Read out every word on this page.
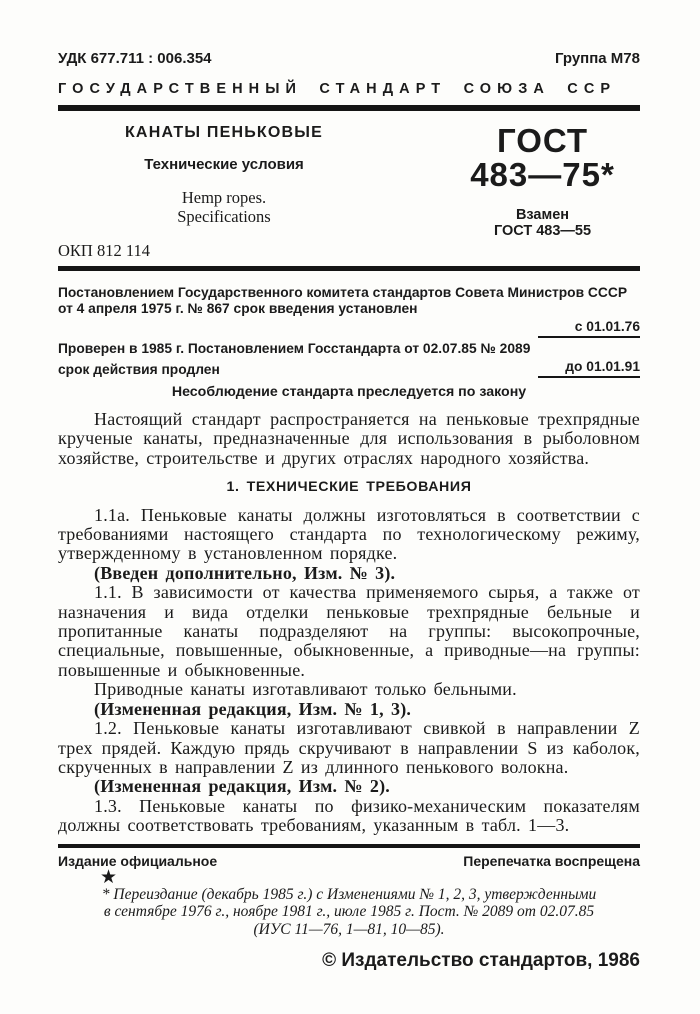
УДК 677.711 : 006.354	Группа М78
ГОСУДАРСТВЕННЫЙ СТАНДАРТ СОЮЗА ССР
КАНАТЫ ПЕНЬКОВЫЕ
Технические условия
Hemp ropes.
Specifications
ГОСТ
483—75*
Взамен
ГОСТ 483—55
ОКП 812 114
Постановлением Государственного комитета стандартов Совета Министров СССР
от 4 апреля 1975 г. № 867 срок введения установлен
с 01.01.76
Проверен в 1985 г. Постановлением Госстандарта от 02.07.85 № 2089
срок действия продлен	до 01.01.91
Несоблюдение стандарта преследуется по закону

Настоящий стандарт распространяется на пеньковые трехпрядные крученые канаты, предназначенные для использования в рыболовном хозяйстве, строительстве и других отраслях народного хозяйства.

1. ТЕХНИЧЕСКИЕ ТРЕБОВАНИЯ

1.1а. Пеньковые канаты должны изготовляться в соответствии с требованиями настоящего стандарта по технологическому режиму, утвержденному в установленном порядке.

(Введен дополнительно, Изм. № 3).

1.1. В зависимости от качества применяемого сырья, а также от назначения и вида отделки пеньковые трехпрядные бельные и пропитанные канаты подразделяют на группы: высокопрочные, специальные, повышенные, обыкновенные, а приводные—на группы: повышенные и обыкновенные.

Приводные канаты изготавливают только бельными.

(Измененная редакция, Изм. № 1, 3).

1.2. Пеньковые канаты изготавливают свивкой в направлении Z трех прядей. Каждую прядь скручивают в направлении S из каболок, скрученных в направлении Z из длинного пенькового волокна.

(Измененная редакция, Изм. № 2).

1.3. Пеньковые канаты по физико-механическим показателям должны соответствовать требованиям, указанным в табл. 1—3.

Издание официальное	Перепечатка воспрещена
★
* Переиздание (декабрь 1985 г.) с Изменениями № 1, 2, 3, утвержденными
в сентябре 1976 г., ноябре 1981 г., июле 1985 г. Пост. № 2089 от 02.07.85
(ИУС 11—76, 1—81, 10—85).
© Издательство стандартов, 1986
